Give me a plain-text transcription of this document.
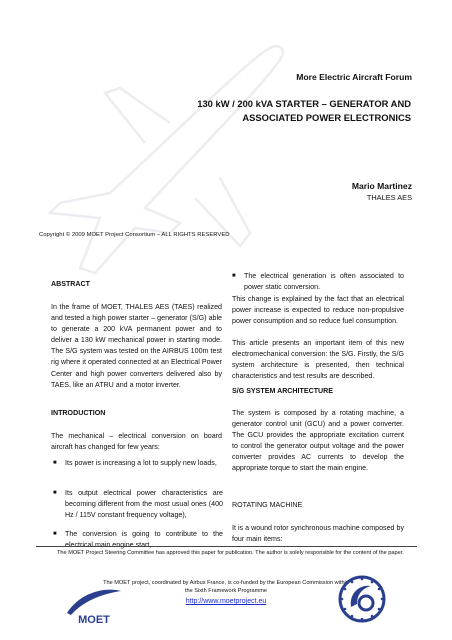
More Electric Aircraft Forum
130 kW / 200 kVA STARTER – GENERATOR AND ASSOCIATED POWER ELECTRONICS
Mario Martinez
THALES AES
Copyright © 2009 MOET Project Consortium – ALL RIGHTS RESERVED
ABSTRACT
In the frame of MOET, THALES AES (TAES) realized and tested a high power starter – generator (S/G) able to generate a 200 kVA permanent power and to deliver a 130 kW mechanical power in starting mode. The S/G system was tested on the AIRBUS 100m test rig where it operated connected at an Electrical Power Center and high power converters delivered also by TAES, like an ATRU and a motor inverter.
INTRODUCTION
The mechanical – electrical conversion on board aircraft has changed for few years:
■	Its power is increasing a lot to supply new loads,
■	Its output electrical power characteristics are becoming different from the most usual ones (400 Hz / 115V constant frequency voltage),
■	The conversion is going to contribute to the electrical main engine start,
■	The electrical generation is often associated to power static conversion.
This change is explained by the fact that an electrical power increase is expected to reduce non-propulsive power consumption and so reduce fuel consumption.
This article presents an important item of this new electromechanical conversion: the S/G. Firstly, the S/G system architecture is presented, then technical characteristics and test results are described.
S/G SYSTEM ARCHITECTURE
The system is composed by a rotating machine, a generator control unit (GCU) and a power converter. The GCU provides the appropriate excitation current to control the generator output voltage and the power converter provides AC currents to develop the appropriate torque to start the main engine.
ROTATING MACHINE
It is a wound rotor synchronous machine composed by four main items:
The MOET Project Steering Committee has approved this paper for publication. The author is solely responsible for the content of the paper.
The MOET project, coordinated by Airbus France, is co-funded by the European Commission within the Sixth Framework Programme
http://www.moetproject.eu
MOET
